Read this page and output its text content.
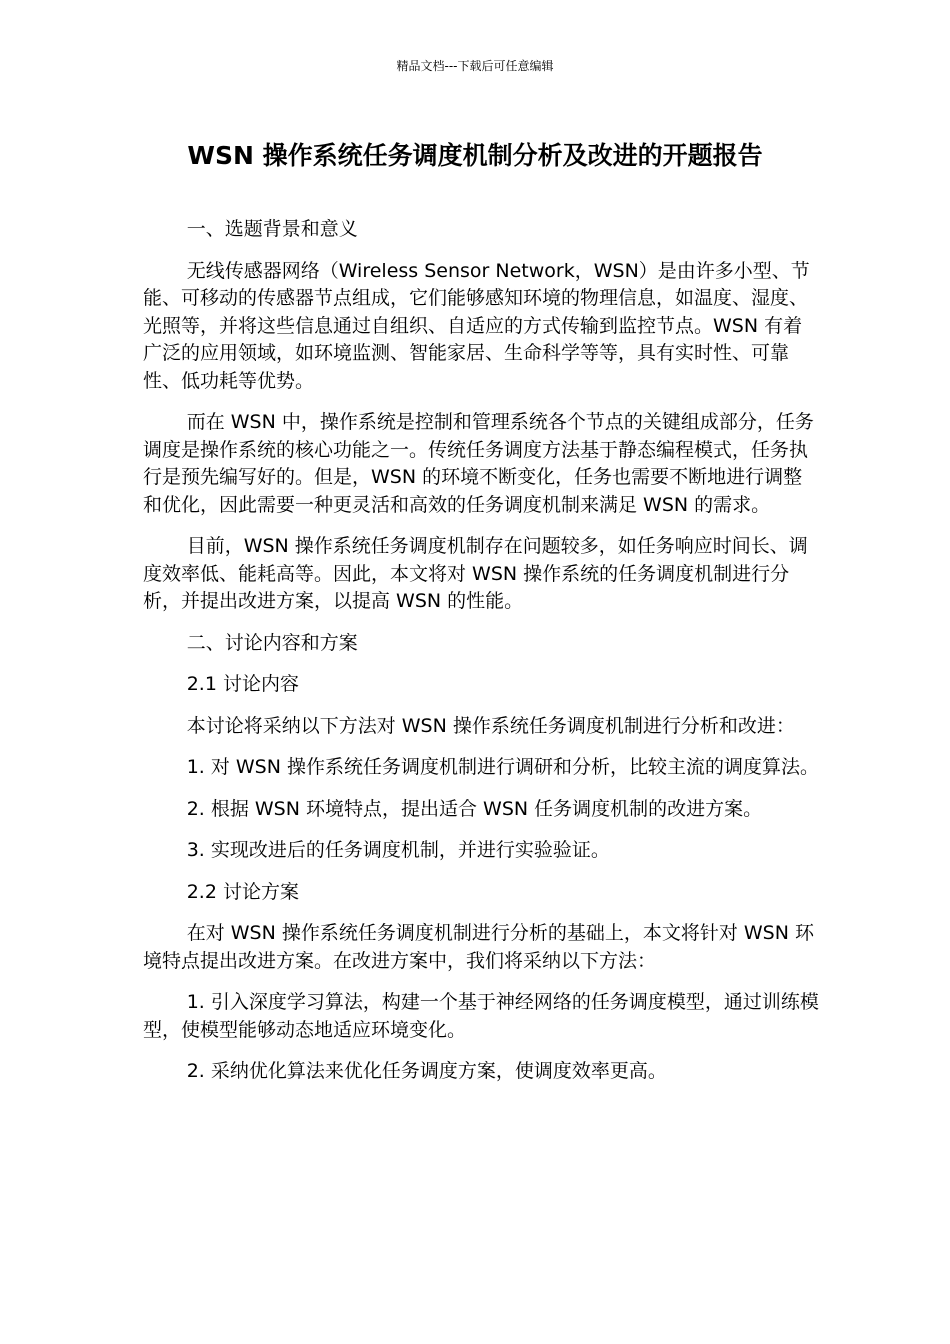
精品文档---下载后可任意编辑
WSN 操作系统任务调度机制分析及改进的开题报告

一、选题背景和意义

无线传感器网络（Wireless Sensor Network，WSN）是由许多小型、节能、可移动的传感器节点组成，它们能够感知环境的物理信息，如温度、湿度、光照等，并将这些信息通过自组织、自适应的方式传输到监控节点。WSN 有着广泛的应用领域，如环境监测、智能家居、生命科学等等，具有实时性、可靠性、低功耗等优势。

而在 WSN 中，操作系统是控制和管理系统各个节点的关键组成部分，任务调度是操作系统的核心功能之一。传统任务调度方法基于静态编程模式，任务执行是预先编写好的。但是，WSN 的环境不断变化，任务也需要不断地进行调整和优化，因此需要一种更灵活和高效的任务调度机制来满足 WSN 的需求。

目前，WSN 操作系统任务调度机制存在问题较多，如任务响应时间长、调度效率低、能耗高等。因此，本文将对 WSN 操作系统的任务调度机制进行分析，并提出改进方案，以提高 WSN 的性能。

二、讨论内容和方案

2.1 讨论内容

本讨论将采纳以下方法对 WSN 操作系统任务调度机制进行分析和改进：

1. 对 WSN 操作系统任务调度机制进行调研和分析，比较主流的调度算法。

2. 根据 WSN 环境特点，提出适合 WSN 任务调度机制的改进方案。

3. 实现改进后的任务调度机制，并进行实验验证。

2.2 讨论方案

在对 WSN 操作系统任务调度机制进行分析的基础上，本文将针对 WSN 环境特点提出改进方案。在改进方案中，我们将采纳以下方法：

1. 引入深度学习算法，构建一个基于神经网络的任务调度模型，通过训练模型，使模型能够动态地适应环境变化。

2. 采纳优化算法来优化任务调度方案，使调度效率更高。
